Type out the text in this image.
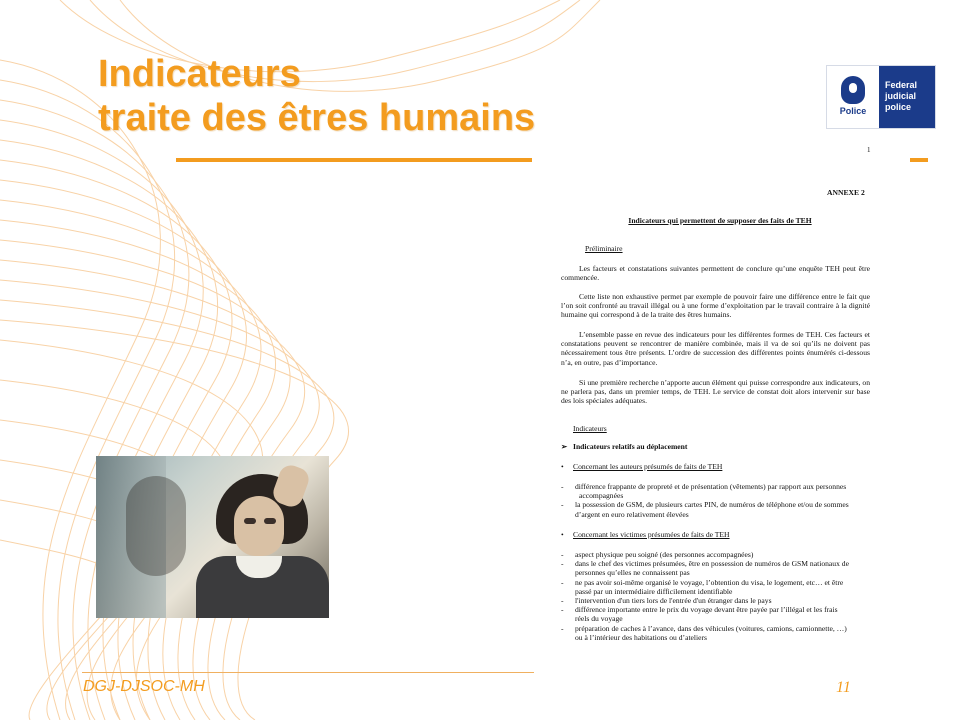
Indicateurs
traite des êtres humains	Police
Federal
judicial
police
1
ANNEXE 2
Indicateurs qui permettent de supposer des faits de TEH
Préliminaire
Les facteurs et constatations suivantes permettent de conclure qu’une enquête TEH peut être commencée.
Cette liste non exhaustive permet par exemple de pouvoir faire une différence entre le fait que l’on soit confronté au travail illégal ou à une forme d’exploitation par le travail contraire à la dignité humaine qui correspond à de la traite des êtres humains.
L’ensemble passe en revue des indicateurs pour les différentes formes de TEH. Ces facteurs et constatations peuvent se rencontrer de manière combinée, mais il va de soi qu’ils ne doivent pas nécessairement tous être présents. L’ordre de succession des différentes points énumérés ci-dessous n’a, en outre, pas d’importance.
Si une première recherche n’apporte aucun élément qui puisse correspondre aux indicateurs, on ne parlera pas, dans un premier temps, de TEH. Le service de constat doit alors intervenir sur base des lois spéciales adéquates.
Indicateurs
➢ Indicateurs relatifs au déplacement
• Concernant les auteurs présumés de faits de TEH
- différence frappante de propreté et de présentation (vêtements) par rapport aux personnes
accompagnées
- la possession de GSM, de plusieurs cartes PIN, de numéros de téléphone et/ou de sommes
d’argent en euro relativement élevées
• Concernant les victimes présumées de faits de TEH
- aspect physique peu soigné (des personnes accompagnées)
- dans le chef des victimes présumées, être en possession de numéros de GSM nationaux de
personnes qu’elles ne connaissent pas
- ne pas avoir soi-même organisé le voyage, l’obtention du visa, le logement, etc… et être
passé par un intermédiaire difficilement identifiable
- l'intervention d'un tiers lors de l'entrée d'un étranger dans le pays
- différence importante entre le prix du voyage devant être payée par l’illégal et les frais
réels du voyage
- préparation de caches à l’avance, dans des véhicules (voitures, camions, camionnette, …)
ou à l’intérieur des habitations ou d’ateliers
DGJ-DJSOC-MH	11
